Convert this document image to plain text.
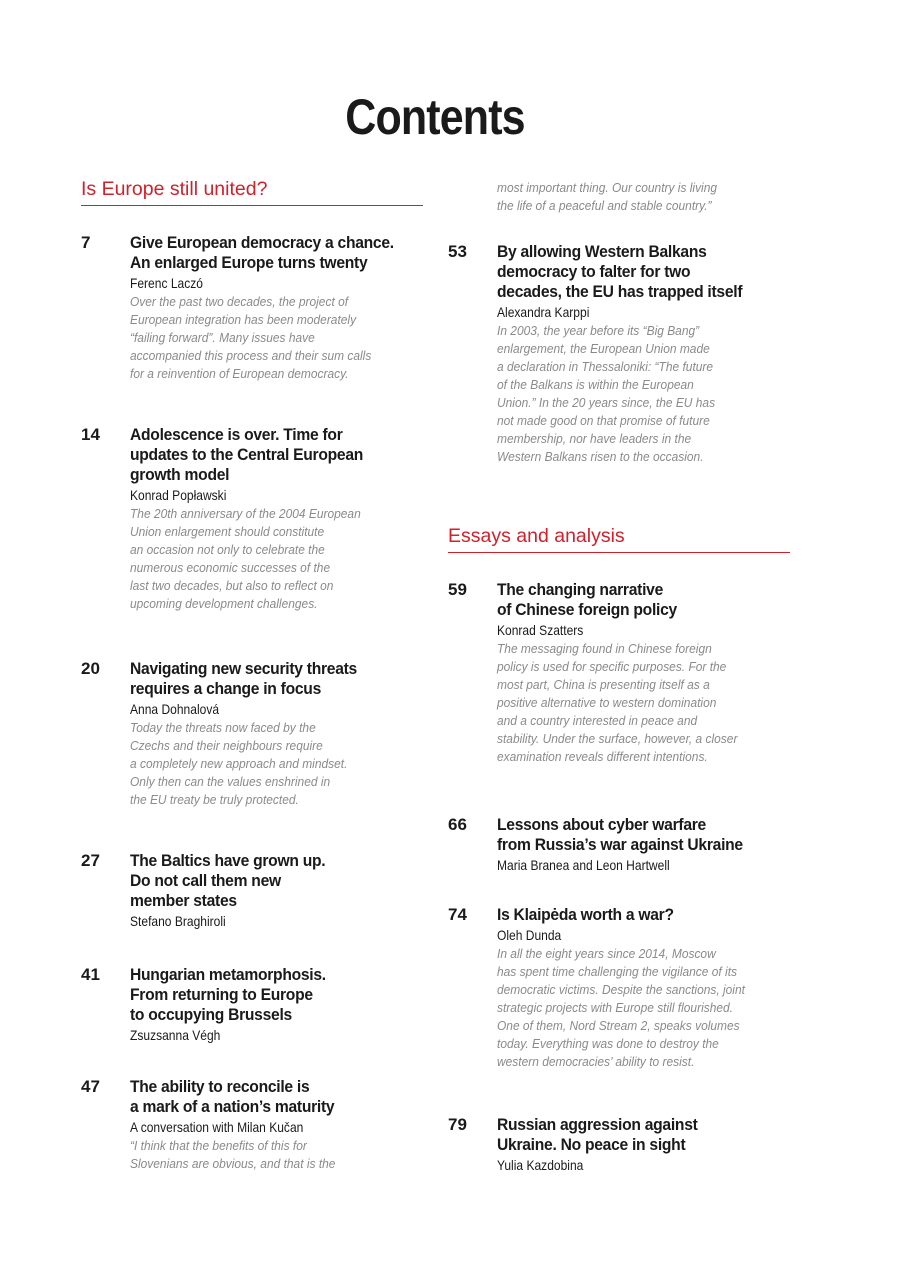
Contents
Is Europe still united?
7	Give European democracy a chance.
An enlarged Europe turns twenty
Ferenc Laczó
Over the past two decades, the project of
European integration has been moderately
“failing forward”. Many issues have
accompanied this process and their sum calls
for a reinvention of European democracy.
14	Adolescence is over. Time for
updates to the Central European
growth model
Konrad Popławski
The 20th anniversary of the 2004 European
Union enlargement should constitute
an occasion not only to celebrate the
numerous economic successes of the
last two decades, but also to reflect on
upcoming development challenges.
20	Navigating new security threats
requires a change in focus
Anna Dohnalová
Today the threats now faced by the
Czechs and their neighbours require
a completely new approach and mindset.
Only then can the values enshrined in
the EU treaty be truly protected.
27	The Baltics have grown up.
Do not call them new
member states
Stefano Braghiroli
41	Hungarian metamorphosis.
From returning to Europe
to occupying Brussels
Zsuzsanna Végh
47	The ability to reconcile is
a mark of a nation’s maturity
A conversation with Milan Kučan
“I think that the benefits of this for
Slovenians are obvious, and that is the
most important thing. Our country is living
the life of a peaceful and stable country.”
53	By allowing Western Balkans
democracy to falter for two
decades, the EU has trapped itself
Alexandra Karppi
In 2003, the year before its “Big Bang”
enlargement, the European Union made
a declaration in Thessaloniki: “The future
of the Balkans is within the European
Union.” In the 20 years since, the EU has
not made good on that promise of future
membership, nor have leaders in the
Western Balkans risen to the occasion.
Essays and analysis
59	The changing narrative
of Chinese foreign policy
Konrad Szatters
The messaging found in Chinese foreign
policy is used for specific purposes. For the
most part, China is presenting itself as a
positive alternative to western domination
and a country interested in peace and
stability. Under the surface, however, a closer
examination reveals different intentions.
66	Lessons about cyber warfare
from Russia’s war against Ukraine
Maria Branea and Leon Hartwell
74	Is Klaipėda worth a war?
Oleh Dunda
In all the eight years since 2014, Moscow
has spent time challenging the vigilance of its
democratic victims. Despite the sanctions, joint
strategic projects with Europe still flourished.
One of them, Nord Stream 2, speaks volumes
today. Everything was done to destroy the
western democracies’ ability to resist.
79	Russian aggression against
Ukraine. No peace in sight
Yulia Kazdobina
